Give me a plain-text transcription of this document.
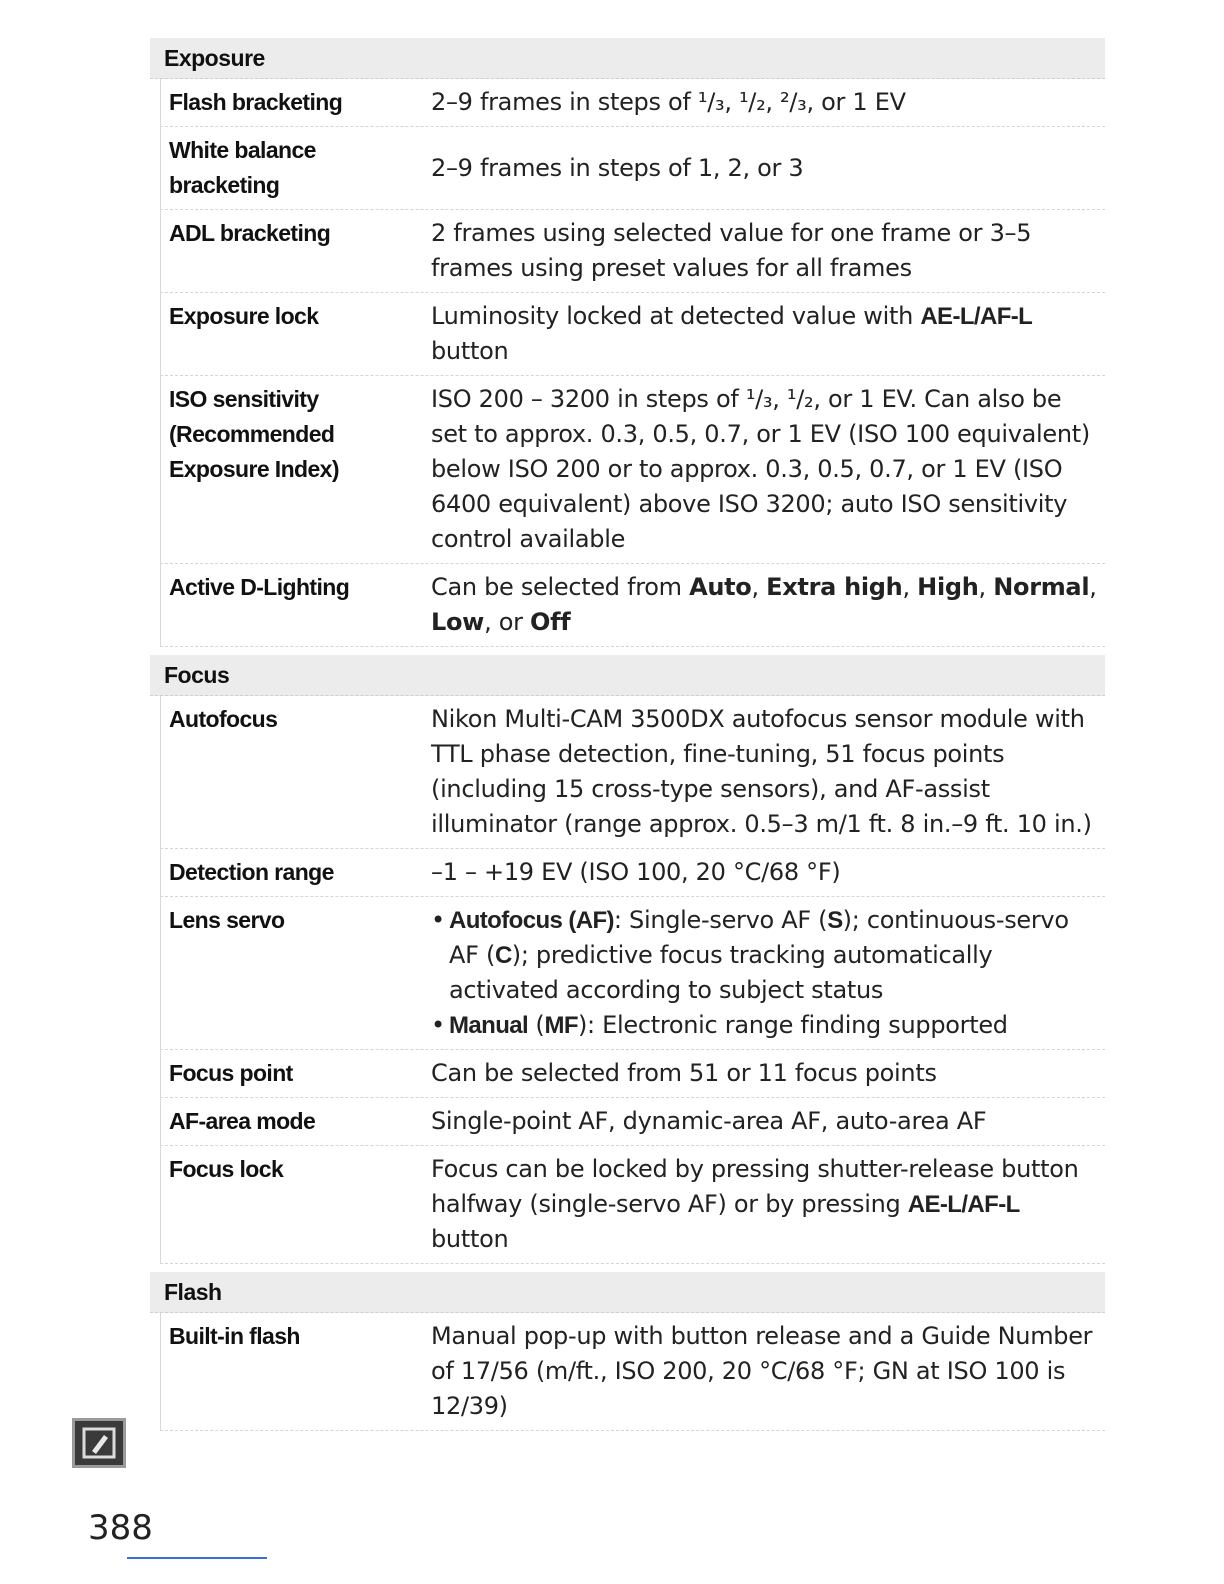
Exposure
Flash bracketing	2–9 frames in steps of ¹/₃, ¹/₂, ²/₃, or 1 EV
White balance bracketing
2–9 frames in steps of 1, 2, or 3
ADL bracketing	2 frames using selected value for one frame or 3–5 frames using preset values for all frames
Exposure lock	Luminosity locked at detected value with AE-L/AF-L button
ISO sensitivity (Recommended Exposure Index)
ISO 200 – 3200 in steps of ¹/₃, ¹/₂, or 1 EV. Can also be set to approx. 0.3, 0.5, 0.7, or 1 EV (ISO 100 equivalent) below ISO 200 or to approx. 0.3, 0.5, 0.7, or 1 EV (ISO 6400 equivalent) above ISO 3200; auto ISO sensitivity control available
Active D-Lighting	Can be selected from Auto, Extra high, High, Normal, Low, or Off
Focus
Autofocus	Nikon Multi-CAM 3500DX autofocus sensor module with TTL phase detection, fine-tuning, 51 focus points (including 15 cross-type sensors), and AF-assist illuminator (range approx. 0.5–3 m/1 ft. 8 in.–9 ft. 10 in.)
Detection range	–1 – +19 EV (ISO 100, 20 °C/68 °F)
Lens servo
•	Autofocus (AF): Single-servo AF (S); continuous-servo AF (C); predictive focus tracking automatically activated according to subject status
• Manual (MF): Electronic range finding supported
Focus point	Can be selected from 51 or 11 focus points
AF-area mode	Single-point AF, dynamic-area AF, auto-area AF
Focus lock	Focus can be locked by pressing shutter-release button halfway (single-servo AF) or by pressing AE-L/AF-L button
Flash
Built-in flash	Manual pop-up with button release and a Guide Number of 17/56 (m/ft., ISO 200, 20 °C/68 °F; GN at ISO 100 is 12/39)
388
